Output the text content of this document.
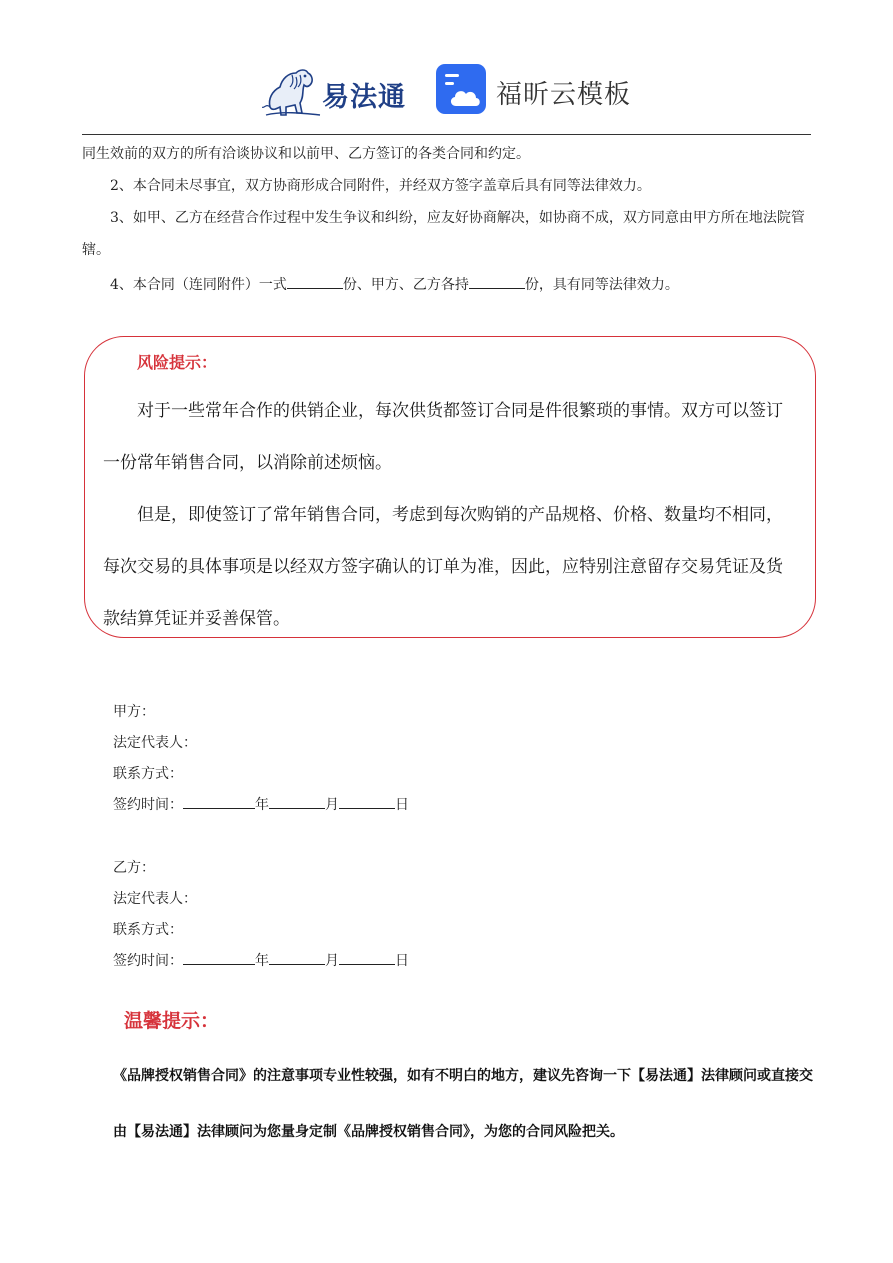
易法通	福昕云模板

同生效前的双方的所有洽谈协议和以前甲、乙方签订的各类合同和约定。

2、本合同未尽事宜，双方协商形成合同附件，并经双方签字盖章后具有同等法律效力。

3、如甲、乙方在经营合作过程中发生争议和纠纷，应友好协商解决，如协商不成，双方同意由甲方所在地法院管辖。

4、本合同（连同附件）一式	份、甲方、乙方各持	份，具有同等法律效力。

风险提示：

对于一些常年合作的供销企业，每次供货都签订合同是件很繁琐的事情。双方可以签订一份常年销售合同，以消除前述烦恼。

但是，即使签订了常年销售合同，考虑到每次购销的产品规格、价格、数量均不相同，每次交易的具体事项是以经双方签字确认的订单为准，因此，应特别注意留存交易凭证及货款结算凭证并妥善保管。

甲方：
法定代表人：
联系方式：
签约时间：	年	月	日
乙方：
法定代表人：
联系方式：
签约时间：	年	月	日
温馨提示：

《品牌授权销售合同》的注意事项专业性较强，如有不明白的地方，建议先咨询一下【易法通】法律顾问或直接交由【易法通】法律顾问为您量身定制《品牌授权销售合同》，为您的合同风险把关。
